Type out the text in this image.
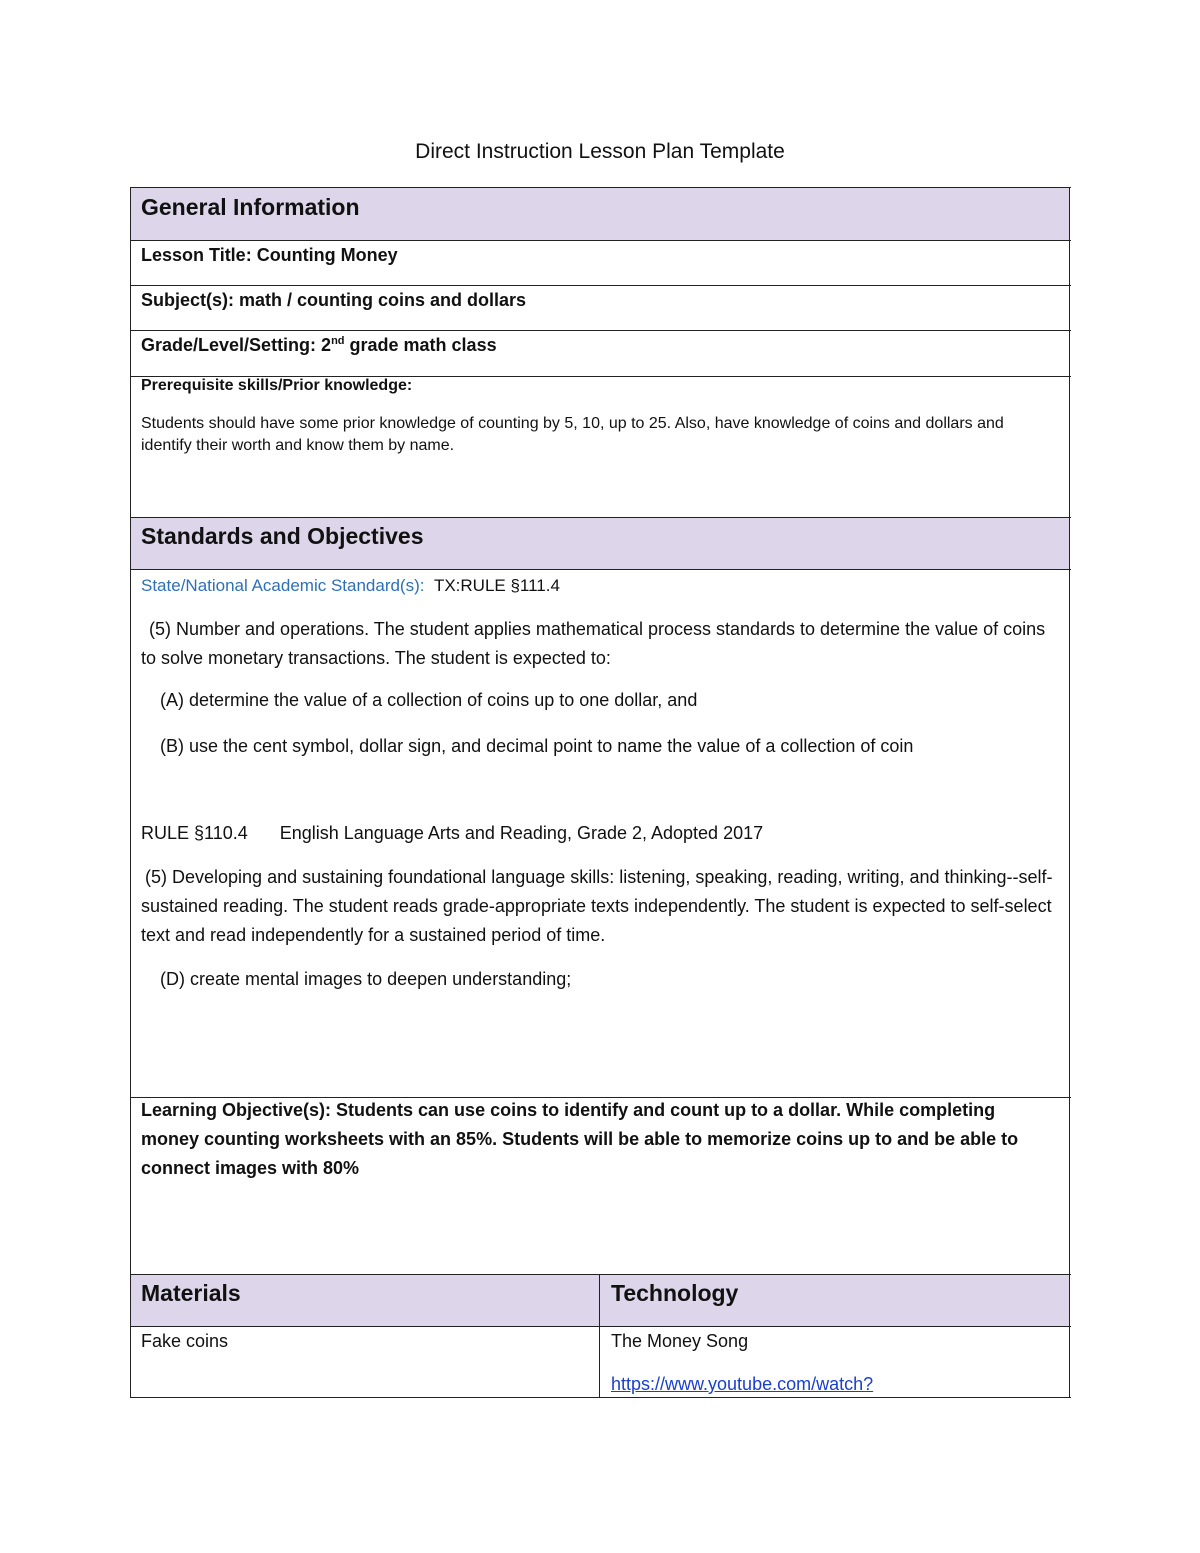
Direct Instruction Lesson Plan Template
General Information
Lesson Title: Counting Money
Subject(s): math / counting coins and dollars
Grade/Level/Setting: 2nd grade math class
Prerequisite skills/Prior knowledge:
Students should have some prior knowledge of counting by 5, 10, up to 25. Also, have knowledge of coins and dollars and identify their worth and know them by name.
Standards and Objectives
State/National Academic Standard(s): TX:RULE §111.4
(5) Number and operations. The student applies mathematical process standards to determine the value of coins to solve monetary transactions. The student is expected to:
(A) determine the value of a collection of coins up to one dollar, and
(B) use the cent symbol, dollar sign, and decimal point to name the value of a collection of coin
RULE §110.4 English Language Arts and Reading, Grade 2, Adopted 2017
(5) Developing and sustaining foundational language skills: listening, speaking, reading, writing, and thinking--self-sustained reading. The student reads grade-appropriate texts independently. The student is expected to self-select text and read independently for a sustained period of time.
(D) create mental images to deepen understanding;
Learning Objective(s): Students can use coins to identify and count up to a dollar. While completing money counting worksheets with an 85%. Students will be able to memorize coins up to and be able to connect images with 80%
Materials	Technology
Fake coins	The Money Song
https://www.youtube.com/watch?
